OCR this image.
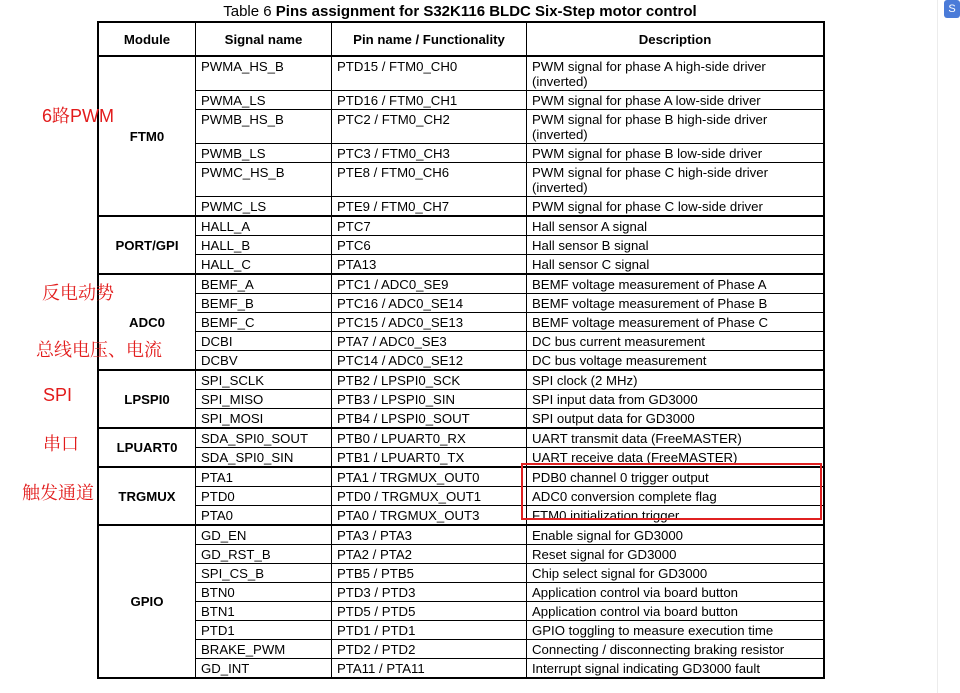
Table 6 Pins assignment for S32K116 BLDC Six-Step motor control
Module	Signal name	Pin name / Functionality	Description
FTM0	PWMA_HS_B	PTD15 / FTM0_CH0	PWM signal for phase A high-side driver
(inverted)

	PWMA_LS	PTD16 / FTM0_CH1	PWM signal for phase A low-side driver

	PWMB_HS_B	PTC2 / FTM0_CH2	PWM signal for phase B high-side driver
(inverted)

	PWMB_LS	PTC3 / FTM0_CH3	PWM signal for phase B low-side driver

	PWMC_HS_B	PTE8 / FTM0_CH6	PWM signal for phase C high-side driver
(inverted)

	PWMC_LS	PTE9 / FTM0_CH7	PWM signal for phase C low-side driver

PORT/GPI	HALL_A	PTC7	Hall sensor A signal

	HALL_B	PTC6	Hall sensor B signal

	HALL_C	PTA13	Hall sensor C signal

ADC0	BEMF_A	PTC1 / ADC0_SE9	BEMF voltage measurement of Phase A

	BEMF_B	PTC16 / ADC0_SE14	BEMF voltage measurement of Phase B

	BEMF_C	PTC15 / ADC0_SE13	BEMF voltage measurement of Phase C

	DCBI	PTA7 / ADC0_SE3	DC bus current measurement

	DCBV	PTC14 / ADC0_SE12	DC bus voltage measurement

LPSPI0	SPI_SCLK	PTB2 / LPSPI0_SCK	SPI clock (2 MHz)

	SPI_MISO	PTB3 / LPSPI0_SIN	SPI input data from GD3000

	SPI_MOSI	PTB4 / LPSPI0_SOUT	SPI output data for GD3000

LPUART0	SDA_SPI0_SOUT	PTB0 / LPUART0_RX	UART transmit data (FreeMASTER)

	SDA_SPI0_SIN	PTB1 / LPUART0_TX	UART receive data (FreeMASTER)

TRGMUX	PTA1	PTA1 / TRGMUX_OUT0	PDB0 channel 0 trigger output

	PTD0	PTD0 / TRGMUX_OUT1	ADC0 conversion complete flag

	PTA0	PTA0 / TRGMUX_OUT3	FTM0 initialization trigger

GPIO	GD_EN	PTA3 / PTA3	Enable signal for GD3000

	GD_RST_B	PTA2 / PTA2	Reset signal for GD3000

	SPI_CS_B	PTB5 / PTB5	Chip select signal for GD3000

	BTN0	PTD3 / PTD3	Application control via board button

	BTN1	PTD5 / PTD5	Application control via board button

	PTD1	PTD1 / PTD1	GPIO toggling to measure execution time

	BRAKE_PWM	PTD2 / PTD2	Connecting / disconnecting braking resistor

	GD_INT	PTA11 / PTA11	Interrupt signal indicating GD3000 fault
6路PWM
反电动势
总线电压、电流
SPI
串口
触发通道
S
